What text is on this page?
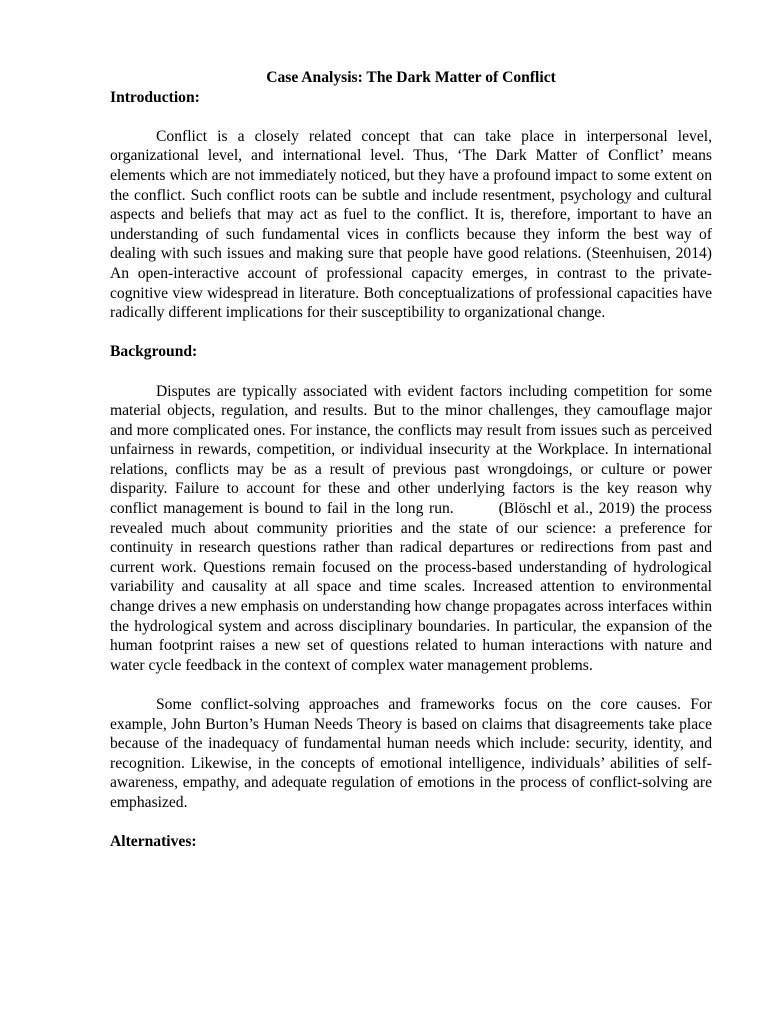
Case Analysis: The Dark Matter of Conflict

Introduction:

Conflict is a closely related concept that can take place in interpersonal level, organizational level, and international level. Thus, ‘The Dark Matter of Conflict’ means elements which are not immediately noticed, but they have a profound impact to some extent on the conflict. Such conflict roots can be subtle and include resentment, psychology and cultural aspects and beliefs that may act as fuel to the conflict. It is, therefore, important to have an understanding of such fundamental vices in conflicts because they inform the best way of dealing with such issues and making sure that people have good relations. (Steenhuisen, 2014) An open-interactive account of professional capacity emerges, in contrast to the private-cognitive view widespread in literature. Both conceptualizations of professional capacities have radically different implications for their susceptibility to organizational change.

Background:

Disputes are typically associated with evident factors including competition for some material objects, regulation, and results. But to the minor challenges, they camouflage major and more complicated ones. For instance, the conflicts may result from issues such as perceived unfairness in rewards, competition, or individual insecurity at the Workplace. In international relations, conflicts may be as a result of previous past wrongdoings, or culture or power disparity. Failure to account for these and other underlying factors is the key reason why conflict management is bound to fail in the long run.        (Blöschl et al., 2019) the process revealed much about community priorities and the state of our science: a preference for continuity in research questions rather than radical departures or redirections from past and current work. Questions remain focused on the process-based understanding of hydrological variability and causality at all space and time scales. Increased attention to environmental change drives a new emphasis on understanding how change propagates across interfaces within the hydrological system and across disciplinary boundaries. In particular, the expansion of the human footprint raises a new set of questions related to human interactions with nature and water cycle feedback in the context of complex water management problems.

Some conflict-solving approaches and frameworks focus on the core causes. For example, John Burton’s Human Needs Theory is based on claims that disagreements take place because of the inadequacy of fundamental human needs which include: security, identity, and recognition. Likewise, in the concepts of emotional intelligence, individuals’ abilities of self-awareness, empathy, and adequate regulation of emotions in the process of conflict-solving are emphasized.

Alternatives:
